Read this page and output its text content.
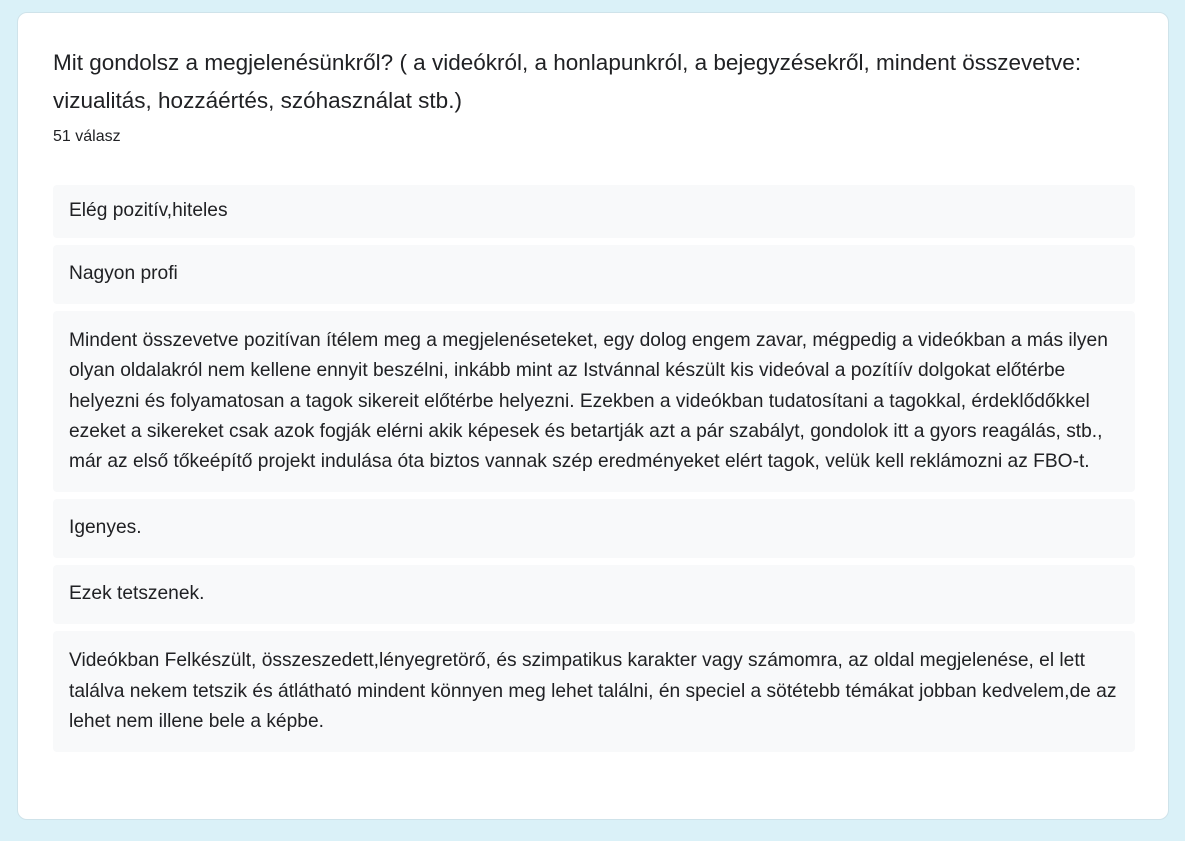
Mit gondolsz a megjelenésünkről? ( a videókról, a honlapunkról, a bejegyzésekről, mindent összevetve: vizualitás, hozzáértés, szóhasználat stb.)
51 válasz
Elég pozitív,hiteles
Nagyon profi
Mindent összevetve pozitívan ítélem meg a megjelenéseteket, egy dolog engem zavar, mégpedig a videókban a más ilyen olyan oldalakról nem kellene ennyit beszélni, inkább mint az Istvánnal készült kis videóval a pozítíív dolgokat előtérbe helyezni és folyamatosan a tagok sikereit előtérbe helyezni. Ezekben a videókban tudatosítani a tagokkal, érdeklődőkkel ezeket a sikereket csak azok fogják elérni akik képesek és betartják azt a pár szabályt, gondolok itt a gyors reagálás, stb., már az első tőkeépítő projekt indulása óta biztos vannak szép eredményeket elért tagok, velük kell reklámozni az FBO-t.
Igenyes.
Ezek tetszenek.
Videókban Felkészült, összeszedett,lényegretörő, és szimpatikus karakter vagy számomra, az oldal megjelenése, el lett találva nekem tetszik és átlátható mindent könnyen meg lehet találni, én speciel a sötétebb témákat jobban kedvelem,de az lehet nem illene bele a képbe.
